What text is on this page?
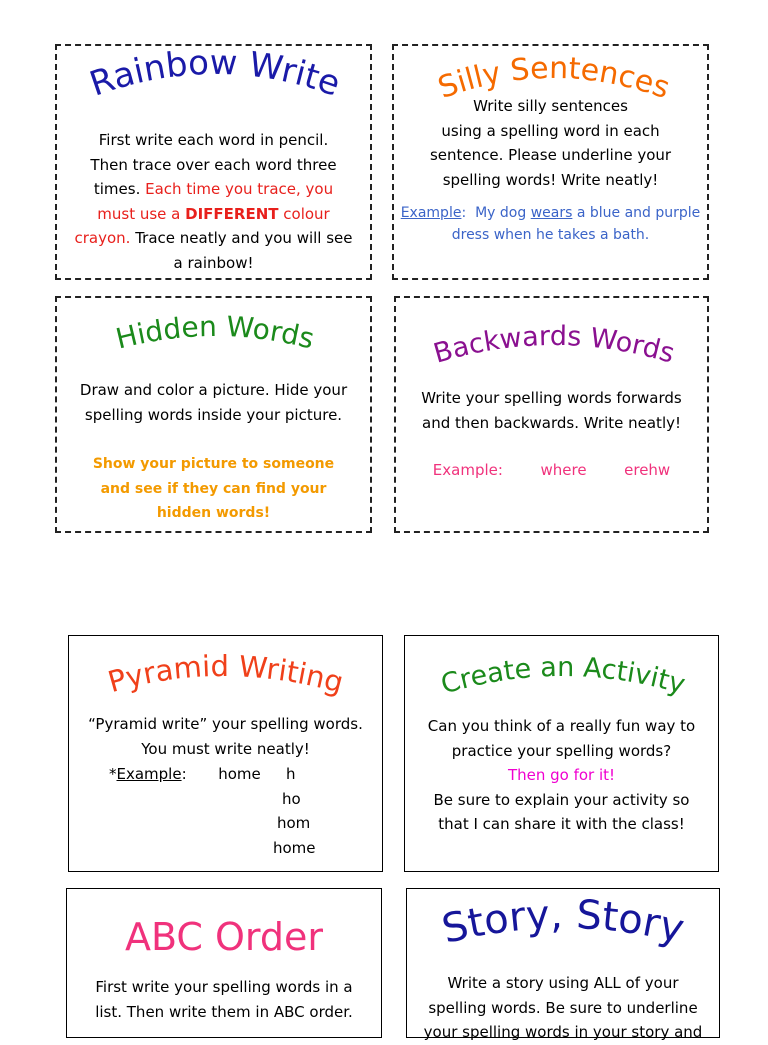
Rainbow Write
First write each word in pencil.
Then trace over each word three
times. Each time you trace, you
must use a DIFFERENT colour
crayon. Trace neatly and you will see
a rainbow!
Silly Sentences
Write silly sentences
using a spelling word in each
sentence. Please underline your
spelling words! Write neatly!
Example: My dog wears a blue and purple
dress when he takes a bath.
Hidden Words
Draw and color a picture. Hide your
spelling words inside your picture.
Show your picture to someone
and see if they can find your
hidden words!
Backwards Words
Write your spelling words forwards
and then backwards. Write neatly!
Example:	where	erehw
Pyramid Writing
“Pyramid write” your spelling words.
You must write neatly!
*Example: home	h
ho
hom
home
Create an Activity
Can you think of a really fun way to
practice your spelling words?
Then go for it!
Be sure to explain your activity so
that I can share it with the class!
ABC Order
First write your spelling words in a
list. Then write them in ABC order.
Story, Story
Write a story using ALL of your
spelling words. Be sure to underline
your spelling words in your story and
